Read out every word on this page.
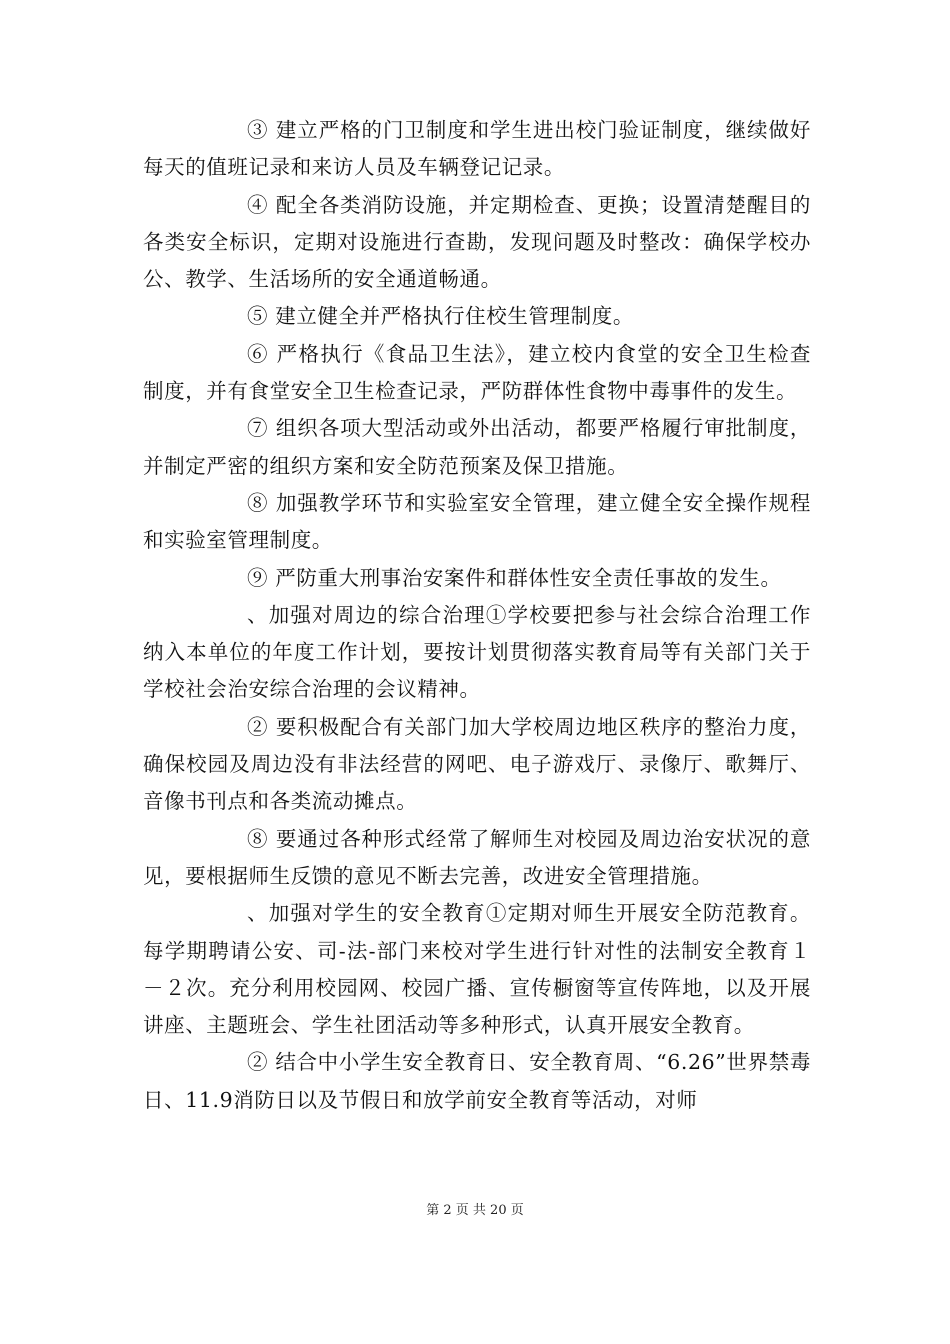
③ 建立严格的门卫制度和学生进出校门验证制度，继续做好每天的值班记录和来访人员及车辆登记记录。

④ 配全各类消防设施，并定期检查、更换；设置清楚醒目的各类安全标识，定期对设施进行查勘，发现问题及时整改：确保学校办公、教学、生活场所的安全通道畅通。

⑤ 建立健全并严格执行住校生管理制度。

⑥ 严格执行《食品卫生法》，建立校内食堂的安全卫生检查制度，并有食堂安全卫生检查记录，严防群体性食物中毒事件的发生。

⑦ 组织各项大型活动或外出活动，都要严格履行审批制度，并制定严密的组织方案和安全防范预案及保卫措施。

⑧ 加强教学环节和实验室安全管理，建立健全安全操作规程和实验室管理制度。

⑨ 严防重大刑事治安案件和群体性安全责任事故的发生。

、加强对周边的综合治理①学校要把参与社会综合治理工作纳入本单位的年度工作计划，要按计划贯彻落实教育局等有关部门关于学校社会治安综合治理的会议精神。

② 要积极配合有关部门加大学校周边地区秩序的整治力度，确保校园及周边没有非法经营的网吧、电子游戏厅、录像厅、歌舞厅、音像书刊点和各类流动摊点。

⑧ 要通过各种形式经常了解师生对校园及周边治安状况的意见，要根据师生反馈的意见不断去完善，改进安全管理措施。

、加强对学生的安全教育①定期对师生开展安全防范教育。每学期聘请公安、司-法-部门来校对学生进行针对性的法制安全教育１－２次。充分利用校园网、校园广播、宣传橱窗等宣传阵地，以及开展讲座、主题班会、学生社团活动等多种形式，认真开展安全教育。

② 结合中小学生安全教育日、安全教育周、“6.26”世界禁毒日、11.9消防日以及节假日和放学前安全教育等活动，对师

第 2 页 共 20 页
